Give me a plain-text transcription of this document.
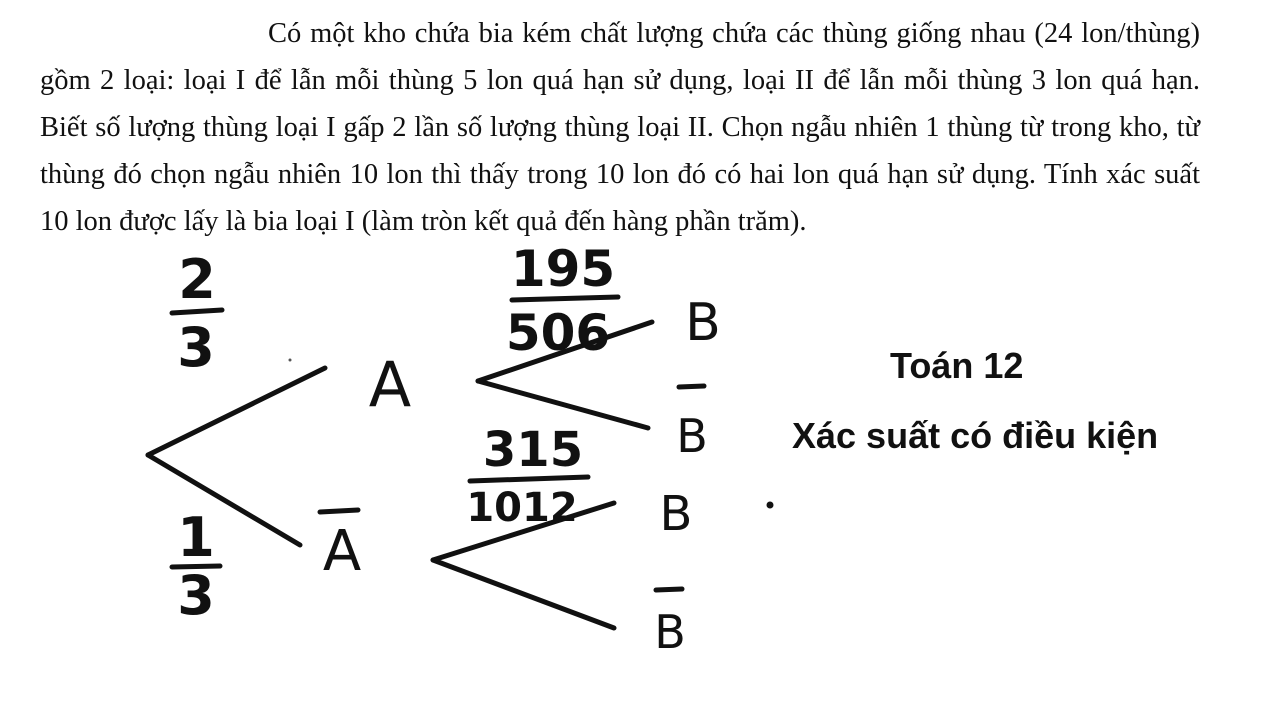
Có một kho chứa bia kém chất lượng chứa các thùng giống nhau (24 lon/thùng) gồm 2 loại: loại I để lẫn mỗi thùng 5 lon quá hạn sử dụng, loại II để lẫn mỗi thùng 3 lon quá hạn. Biết số lượng thùng loại I gấp 2 lần số lượng thùng loại II. Chọn ngẫu nhiên 1 thùng từ trong kho, từ thùng đó chọn ngẫu nhiên 10 lon thì thấy trong 10 lon đó có hai lon quá hạn sử dụng. Tính xác suất 10 lon được lấy là bia loại I (làm tròn kết quả đến hàng phần trăm).

2
3
1
3
A
A
195
506
315
1012
B
B
B
B
Toán 12
Xác suất có điều kiện
